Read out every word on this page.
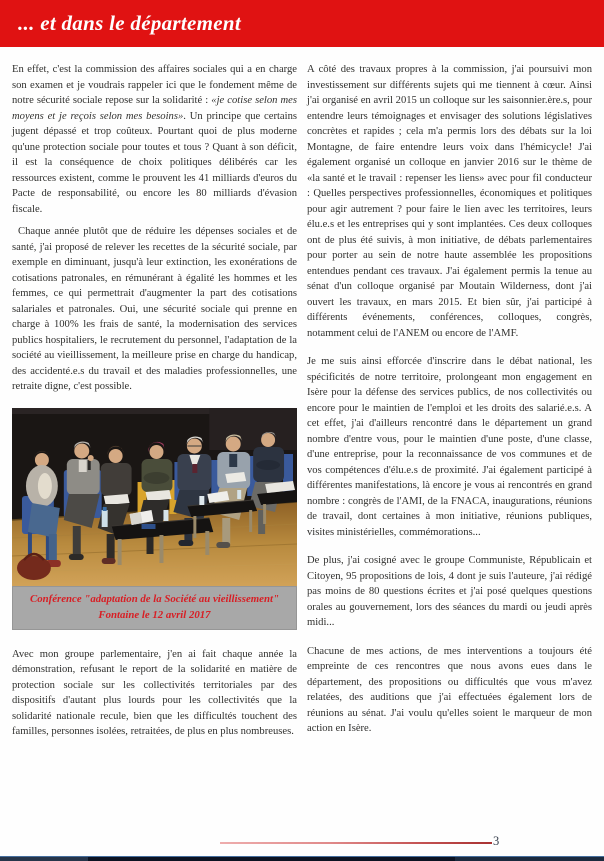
... et dans le département

En effet, c'est la commission des affaires sociales qui a en charge son examen et je voudrais rappeler ici que le fondement même de notre sécurité sociale repose sur la solidarité : «je cotise selon mes moyens et je reçois selon mes besoins». Un principe que certains jugent dépassé et trop coûteux. Pourtant quoi de plus moderne qu'une protection sociale pour toutes et tous ? Quant à son déficit, il est la conséquence de choix politiques délibérés car les ressources existent, comme le prouvent les 41 milliards d'euros du Pacte de responsabilité, ou encore les 80 milliards d'évasion fiscale.

Chaque année plutôt que de réduire les dépenses sociales et de santé, j'ai proposé de relever les recettes de la sécurité sociale, par exemple en diminuant, jusqu'à leur extinction, les exonérations de cotisations patronales, en rémunérant à égalité les hommes et les femmes, ce qui permettrait d'augmenter la part des cotisations salariales et patronales. Oui, une sécurité sociale qui prenne en charge à 100% les frais de santé, la modernisation des services publics hospitaliers, le recrutement du personnel, l'adaptation de la société au vieillissement, la meilleure prise en charge du handicap, des accidenté.e.s du travail et des maladies professionnelles, une retraite digne, c'est possible.

Conférence "adaptation de la Société au vieillissement"
Fontaine le 12 avril 2017

Avec mon groupe parlementaire, j'en ai fait chaque année la démonstration, refusant le report de la solidarité en matière de protection sociale sur les collectivités territoriales par des dispositifs d'autant plus lourds pour les collectivités que la solidarité nationale recule, bien que les difficultés touchent des familles, personnes isolées, retraitées, de plus en plus nombreuses.

A côté des travaux propres à la commission, j'ai poursuivi mon investissement sur différents sujets qui me tiennent à cœur. Ainsi j'ai organisé en avril 2015 un colloque sur les saisonnier.ère.s, pour entendre leurs témoignages et envisager des solutions législatives concrètes et rapides ; cela m'a permis lors des débats sur la loi Montagne, de faire entendre leurs voix dans l'hémicycle! J'ai également organisé un colloque en janvier 2016 sur le thème de «la santé et le travail : repenser les liens» avec pour fil conducteur : Quelles perspectives professionnelles, économiques et politiques pour agir autrement ? pour faire le lien avec les territoires, leurs élu.e.s et les entreprises qui y sont implantées. Ces deux colloques ont de plus été suivis, à mon initiative, de débats parlementaires pour porter au sein de notre haute assemblée les propositions entendues pendant ces travaux. J'ai également permis la tenue au sénat d'un colloque organisé par Moutain Wilderness, dont j'ai ouvert les travaux, en mars 2015. Et bien sûr, j'ai participé à différents événements, conférences, colloques, congrès, notamment celui de l'ANEM ou encore de l'AMF.

Je me suis ainsi efforcée d'inscrire dans le débat national, les spécificités de notre territoire, prolongeant mon engagement en Isère pour la défense des services publics, de nos collectivités ou encore pour le maintien de l'emploi et les droits des salarié.e.s. A cet effet, j'ai d'ailleurs rencontré dans le département un grand nombre d'entre vous, pour le maintien d'une poste, d'une classe, d'une entreprise, pour la reconnaissance de vos communes et de vos compétences d'élu.e.s de proximité. J'ai également participé à différentes manifestations, là encore je vous ai rencontrés en grand nombre : congrès de l'AMI, de la FNACA, inaugurations, réunions de travail, dont certaines à mon initiative, réunions publiques, visites ministérielles, commémorations...

De plus, j'ai cosigné avec le groupe Communiste, Républicain et Citoyen, 95 propositions de lois, 4 dont je suis l'auteure, j'ai rédigé pas moins de 80 questions écrites et j'ai posé quelques questions orales au gouvernement, lors des séances du mardi ou jeudi après midi...

Chacune de mes actions, de mes interventions a toujours été empreinte de ces rencontres que nous avons eues dans le département, des propositions ou difficultés que vous m'avez relatées, des auditions que j'ai effectuées également lors de réunions au sénat. J'ai voulu qu'elles soient le marqueur de mon action en Isère.

3
